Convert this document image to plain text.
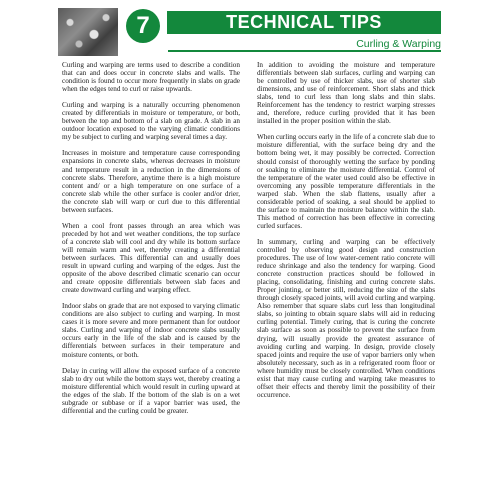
7	TECHNICAL TIPS
Curling & Warping

Curling and warping are terms used to describe a condition that can and does occur in concrete slabs and walls. The condition is found to occur more frequently in slabs on grade when the edges tend to curl or raise upwards.

Curling and warping is a naturally occurring phenomenon created by differentials in moisture or temperature, or both, between the top and bottom of a slab on grade. A slab in an outdoor location exposed to the varying climatic conditions my be subject to curling and warping several times a day.

Increases in moisture and temperature cause corresponding expansions in concrete slabs, whereas decreases in moisture and temperature result in a reduction in the dimensions of concrete slabs. Therefore, anytime there is a high moisture content and/ or a high temperature on one surface of a concrete slab while the other surface is cooler and/or drier, the concrete slab will warp or curl due to this differential between surfaces.

When a cool front passes through an area which was preceded by hot and wet weather conditions, the top surface of a concrete slab will cool and dry while its bottom surface will remain warm and wet, thereby creating a differential between surfaces. This differential can and usually does result in upward curling and warping of the edges. Just the opposite of the above described climatic scenario can occur and create opposite differentials between slab faces and create downward curling and warping effect.

Indoor slabs on grade that are not exposed to varying climatic conditions are also subject to curling and warping. In most cases it is more severe and more permanent than for outdoor slabs. Curling and warping of indoor concrete slabs usually occurs early in the life of the slab and is caused by the differentials between surfaces in their temperature and moisture contents, or both.

Delay in curing will allow the exposed surface of a concrete slab to dry out while the bottom stays wet, thereby creating a moisture differential which would result in curling upward at the edges of the slab. If the bottom of the slab is on a wet subgrade or subbase or if a vapor barrier was used, the differential and the curling could be greater.

In addition to avoiding the moisture and temperature differentials between slab surfaces, curling and warping can be controlled by use of thicker slabs, use of shorter slab dimensions, and use of reinforcement. Short slabs and thick slabs, tend to curl less than long slabs and thin slabs. Reinforcement has the tendency to restrict warping stresses and, therefore, reduce curling provided that it has been installed in the proper position within the slab.

When curling occurs early in the life of a concrete slab due to moisture differential, with the surface being dry and the bottom being wet, it may possibly be corrected. Correction should consist of thoroughly wetting the surface by ponding or soaking to eliminate the moisture differential. Control of the temperature of the water used could also be effective in overcoming any possible temperature differentials in the warped slab. When the slab flattens, usually after a considerable period of soaking, a seal should be applied to the surface to maintain the moisture balance within the slab. This method of correction has been effective in correcting curled surfaces.

In summary, curling and warping can be effectively controlled by observing good design and construction procedures. The use of low water-cement ratio concrete will reduce shrinkage and also the tendency for warping. Good concrete construction practices should be followed in placing, consolidating, finishing and curing concrete slabs. Proper jointing, or better still, reducing the size of the slabs through closely spaced joints, will avoid curling and warping. Also remember that square slabs curl less than longitudinal slabs, so jointing to obtain square slabs will aid in reducing curling potential. Timely curing, that is curing the concrete slab surface as soon as possible to prevent the surface from drying, will usually provide the greatest assurance of avoiding curling and warping. In design, provide closely spaced joints and require the use of vapor barriers only when absolutely necessary, such as in a refrigerated room floor or where humidity must be closely controlled. When conditions exist that may cause curling and warping take measures to offset their effects and thereby limit the possibility of their occurrence.
